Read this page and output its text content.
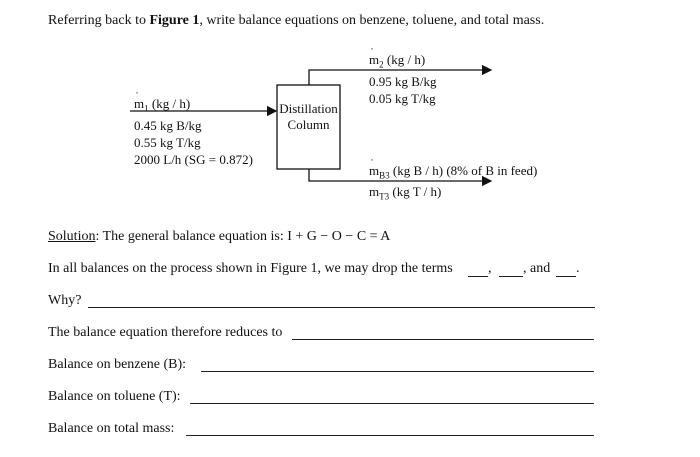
Referring back to Figure 1, write balance equations on benzene, toluene, and total mass.
Distillation
Column
˙ $m_1$ (kg / h)
0.45 kg B/kg
0.55 kg T/kg
2000 L/h (SG = 0.872)
˙ $m_2$ (kg / h)
0.95 kg B/kg
0.05 kg T/kg
˙ $m_{B3}$ (kg B / h) (8% of B in feed)
˙ $m_{T3}$ (kg T / h)
Solution: The general balance equation is: I + G − O − C = A
In all balances on the process shown in Figure 1, we may drop the terms	, , and .
Why?
The balance equation therefore reduces to
Balance on benzene (B):
Balance on toluene (T):
Balance on total mass:
